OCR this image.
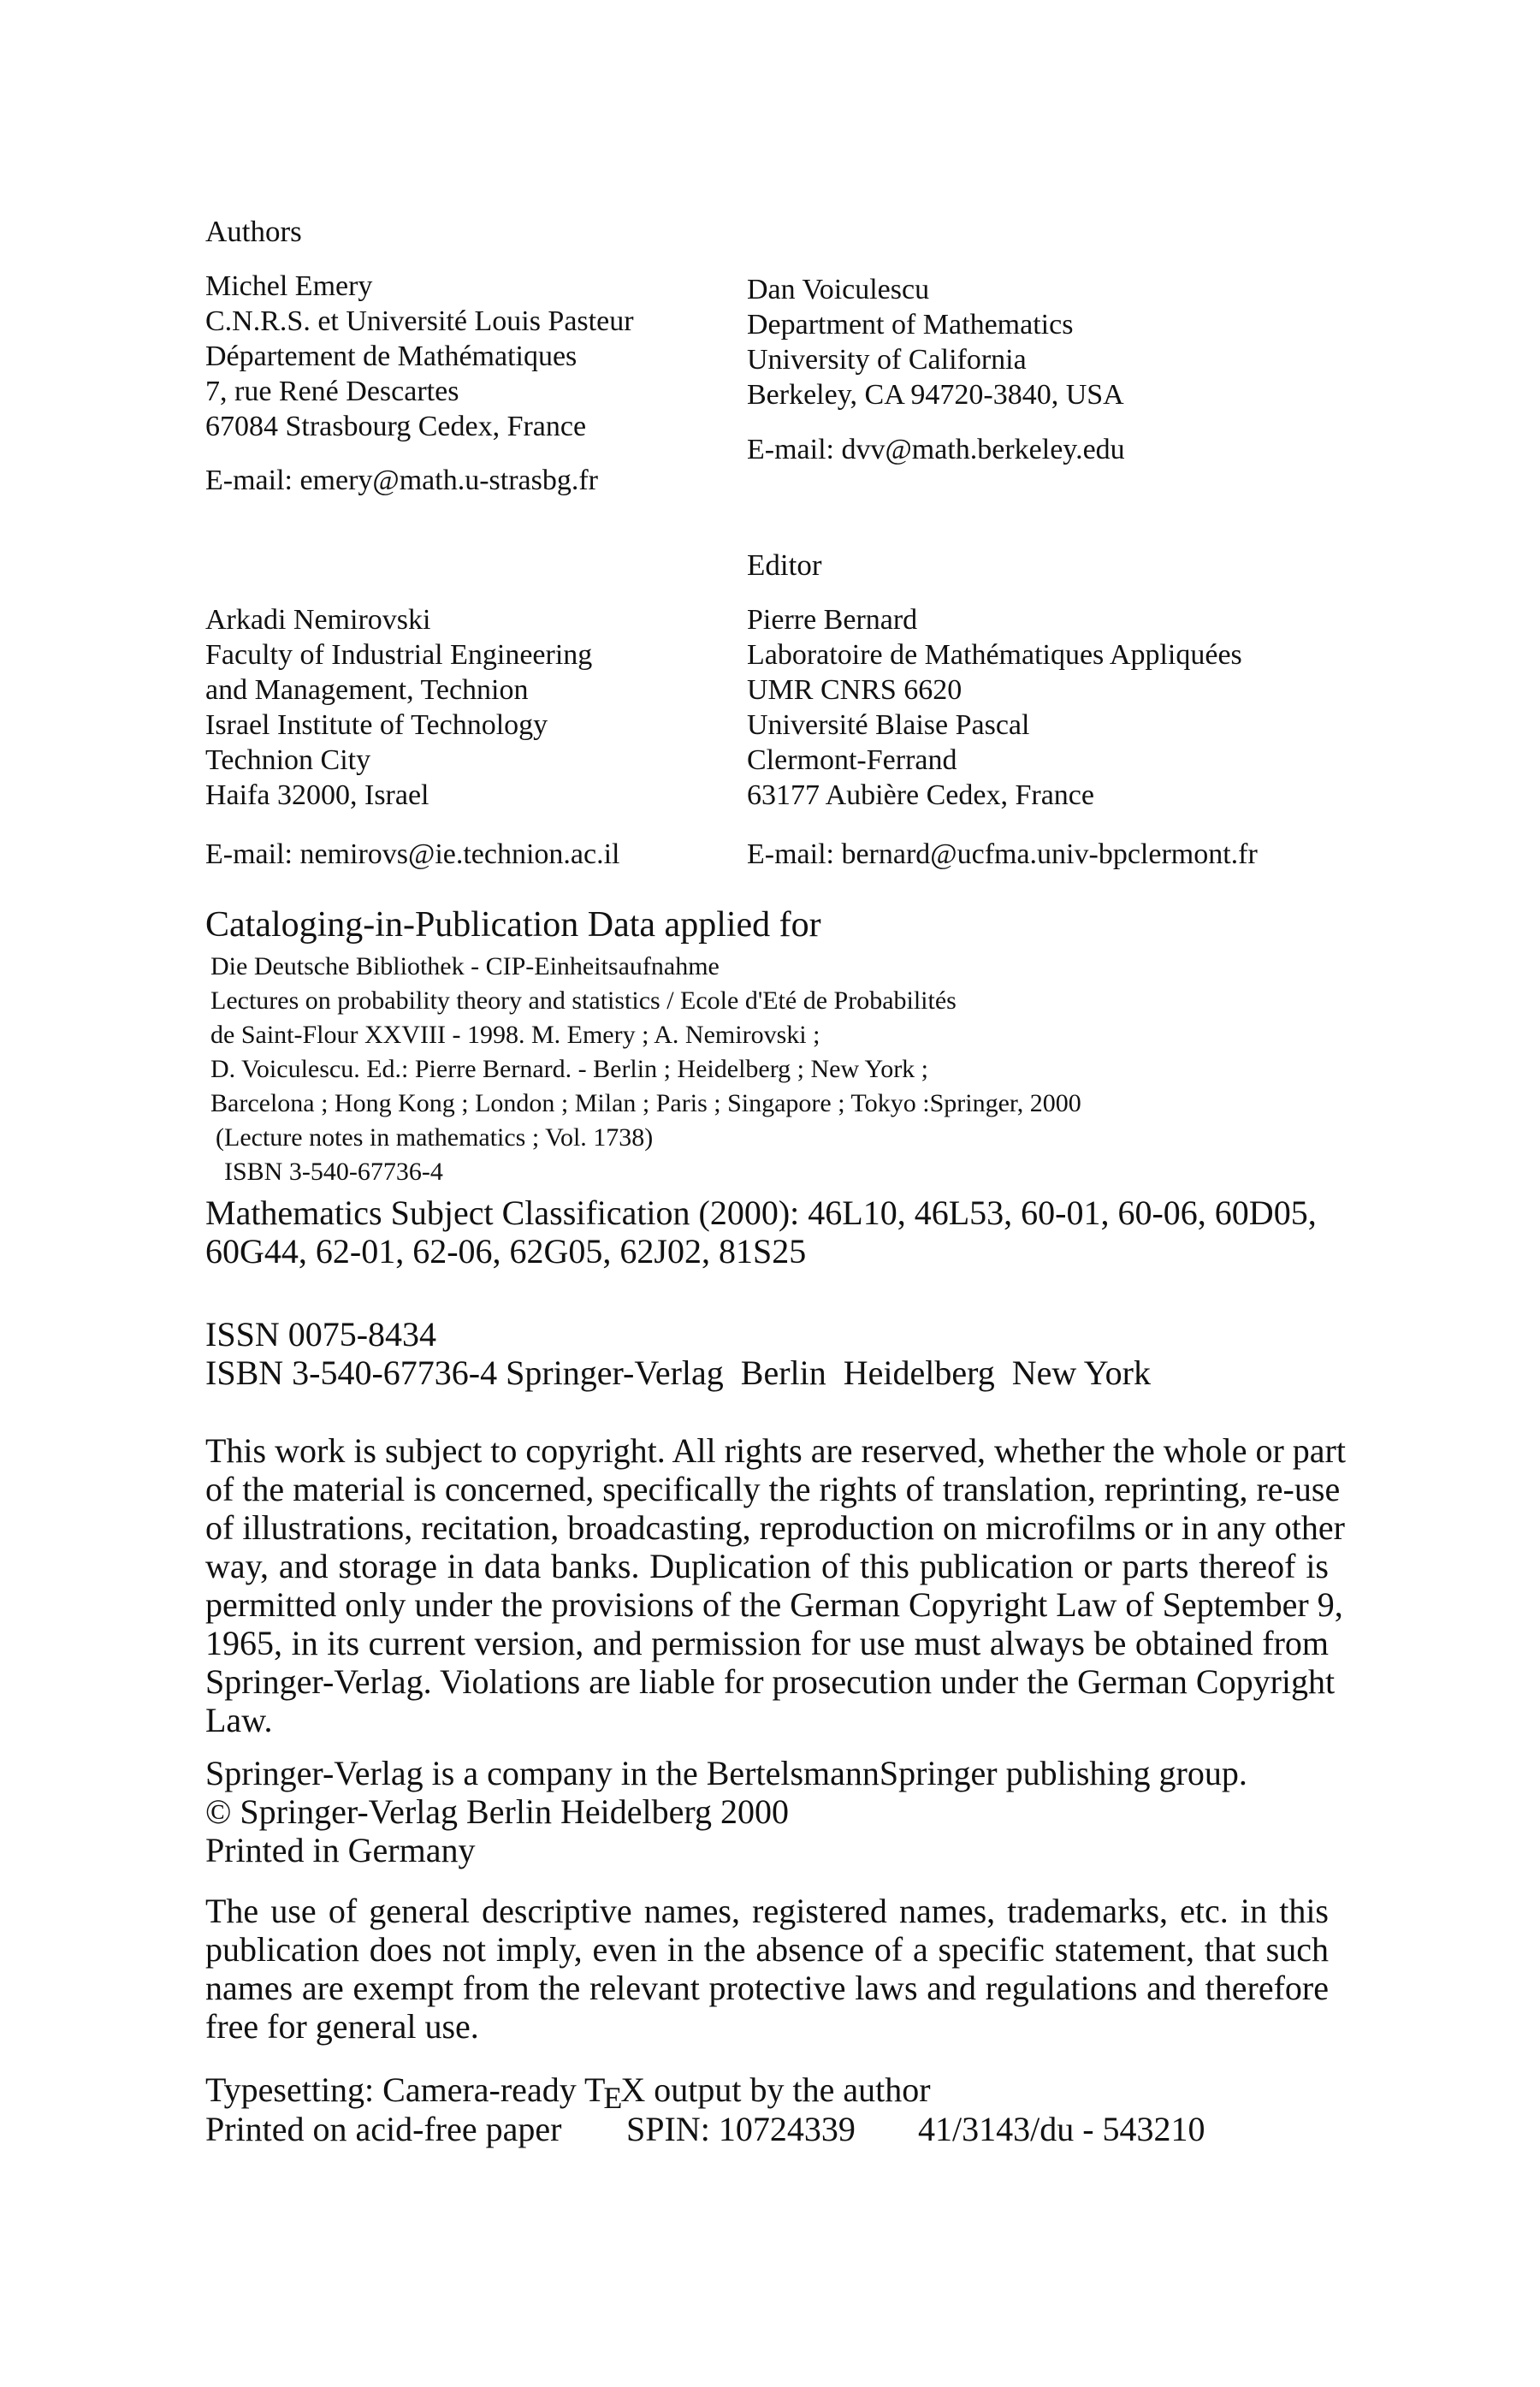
Authors
Michel Emery
C.N.R.S. et Université Louis Pasteur
Département de Mathématiques
7, rue René Descartes
67084 Strasbourg Cedex, France
E-mail: emery@math.u-strasbg.fr
Dan Voiculescu
Department of Mathematics
University of California
Berkeley, CA 94720-3840, USA
E-mail: dvv@math.berkeley.edu
Editor
Arkadi Nemirovski
Faculty of Industrial Engineering
and Management, Technion
Israel Institute of Technology
Technion City
Haifa 32000, Israel
E-mail: nemirovs@ie.technion.ac.il
Pierre Bernard
Laboratoire de Mathématiques Appliquées
UMR CNRS 6620
Université Blaise Pascal
Clermont-Ferrand
63177 Aubière Cedex, France
E-mail: bernard@ucfma.univ-bpclermont.fr
Cataloging-in-Publication Data applied for
Die Deutsche Bibliothek - CIP-Einheitsaufnahme
Lectures on probability theory and statistics / Ecole d'Eté de Probabilités
de Saint-Flour XXVIII - 1998. M. Emery ; A. Nemirovski ;
D. Voiculescu. Ed.: Pierre Bernard. - Berlin ; Heidelberg ; New York ;
Barcelona ; Hong Kong ; London ; Milan ; Paris ; Singapore ; Tokyo :Springer, 2000
(Lecture notes in mathematics ; Vol. 1738)
ISBN 3-540-67736-4
Mathematics Subject Classification (2000): 46L10, 46L53, 60-01, 60-06, 60D05,
60G44, 62-01, 62-06, 62G05, 62J02, 81S25
ISSN 0075-8434
ISBN 3-540-67736-4 Springer-Verlag  Berlin  Heidelberg  New York
This work is subject to copyright. All rights are reserved, whether the whole or part
of the material is concerned, specifically the rights of translation, reprinting, re-use
of illustrations, recitation, broadcasting, reproduction on microfilms or in any other
way, and storage in data banks. Duplication of this publication or parts thereof is
permitted only under the provisions of the German Copyright Law of September 9,
1965, in its current version, and permission for use must always be obtained from
Springer-Verlag. Violations are liable for prosecution under the German Copyright
Law.
Springer-Verlag is a company in the BertelsmannSpringer publishing group.
© Springer-Verlag Berlin Heidelberg 2000
Printed in Germany
The use of general descriptive names, registered names, trademarks, etc. in this
publication does not imply, even in the absence of a specific statement, that such
names are exempt from the relevant protective laws and regulations and therefore
free for general use.
Typesetting: Camera-ready TEX output by the author
Printed on acid-free paper SPIN: 10724339 41/3143/du - 543210
